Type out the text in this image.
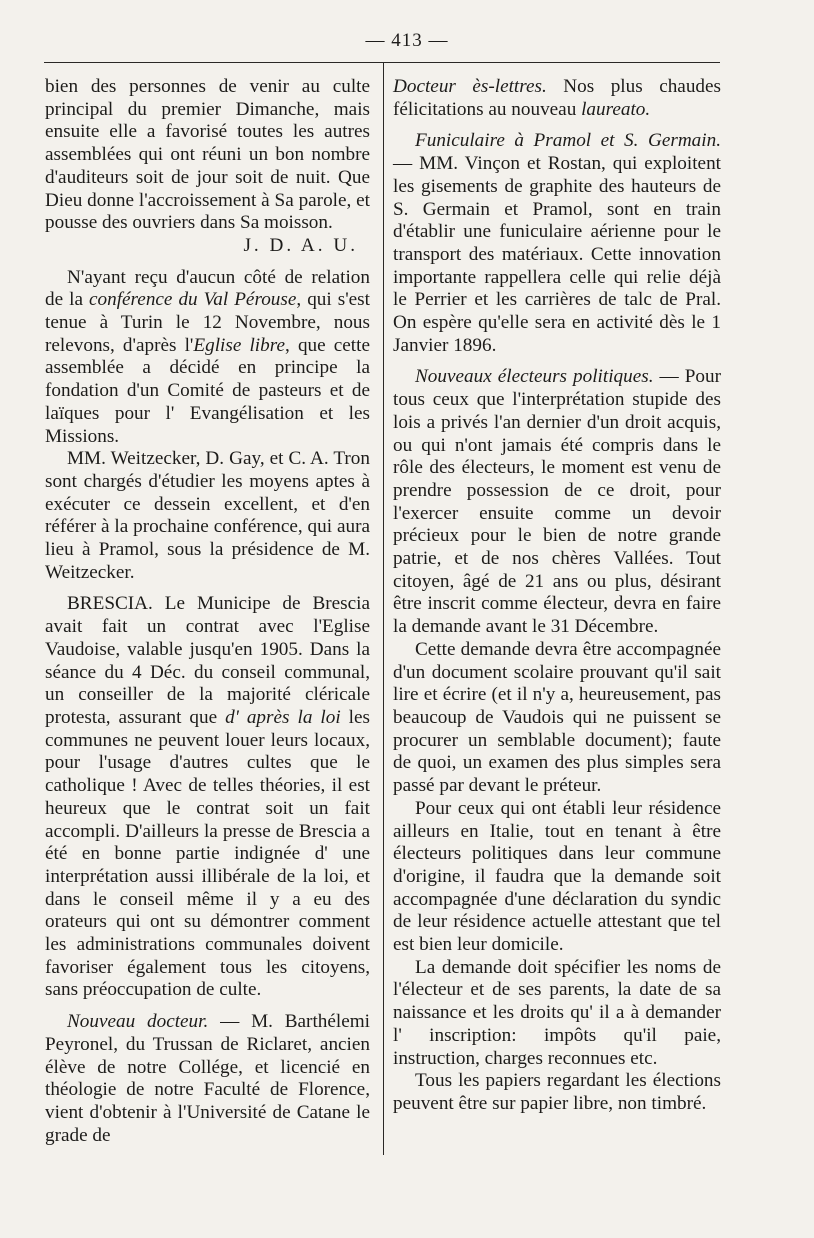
— 413 —

bien des personnes de venir au culte principal du premier Dimanche, mais ensuite elle a favorisé toutes les autres assemblées qui ont réuni un bon nombre d'auditeurs soit de jour soit de nuit. Que Dieu donne l'accroissement à Sa parole, et pousse des ouvriers dans Sa moisson.

J. D. A. U.

N'ayant reçu d'aucun côté de relation de la conférence du Val Pérouse, qui s'est tenue à Turin le 12 Novembre, nous relevons, d'après l'Eglise libre, que cette assemblée a décidé en principe la fondation d'un Comité de pasteurs et de laïques pour l' Evangélisation et les Missions.

MM. Weitzecker, D. Gay, et C. A. Tron sont chargés d'étudier les moyens aptes à exécuter ce dessein excellent, et d'en référer à la prochaine conférence, qui aura lieu à Pramol, sous la présidence de M. Weitzecker.

BRESCIA. Le Municipe de Brescia avait fait un contrat avec l'Eglise Vaudoise, valable jusqu'en 1905. Dans la séance du 4 Déc. du conseil communal, un conseiller de la majorité cléricale protesta, assurant que d' après la loi les communes ne peuvent louer leurs locaux, pour l'usage d'autres cultes que le catholique ! Avec de telles théories, il est heureux que le contrat soit un fait accompli. D'ailleurs la presse de Brescia a été en bonne partie indignée d' une interprétation aussi illibérale de la loi, et dans le conseil même il y a eu des orateurs qui ont su démontrer comment les administrations communales doivent favoriser également tous les citoyens, sans préoccupation de culte.

Nouveau docteur. — M. Barthélemi Peyronel, du Trussan de Riclaret, ancien élève de notre Collége, et licencié en théologie de notre Faculté de Florence, vient d'obtenir à l'Université de Catane le grade de

Docteur ès-lettres. Nos plus chaudes félicitations au nouveau laureato.

Funiculaire à Pramol et S. Germain. — MM. Vinçon et Rostan, qui exploitent les gisements de graphite des hauteurs de S. Germain et Pramol, sont en train d'établir une funiculaire aérienne pour le transport des matériaux. Cette innovation importante rappellera celle qui relie déjà le Perrier et les carrières de talc de Pral. On espère qu'elle sera en activité dès le 1 Janvier 1896.

Nouveaux électeurs politiques. — Pour tous ceux que l'interprétation stupide des lois a privés l'an dernier d'un droit acquis, ou qui n'ont jamais été compris dans le rôle des électeurs, le moment est venu de prendre possession de ce droit, pour l'exercer ensuite comme un devoir précieux pour le bien de notre grande patrie, et de nos chères Vallées. Tout citoyen, âgé de 21 ans ou plus, désirant être inscrit comme électeur, devra en faire la demande avant le 31 Décembre.

Cette demande devra être accompagnée d'un document scolaire prouvant qu'il sait lire et écrire (et il n'y a, heureusement, pas beaucoup de Vaudois qui ne puissent se procurer un semblable document); faute de quoi, un examen des plus simples sera passé par devant le préteur.

Pour ceux qui ont établi leur résidence ailleurs en Italie, tout en tenant à être électeurs politiques dans leur commune d'origine, il faudra que la demande soit accompagnée d'une déclaration du syndic de leur résidence actuelle attestant que tel est bien leur domicile.

La demande doit spécifier les noms de l'électeur et de ses parents, la date de sa naissance et les droits qu' il a à demander l' inscription: impôts qu'il paie, instruction, charges reconnues etc.

Tous les papiers regardant les élections peuvent être sur papier libre, non timbré.
